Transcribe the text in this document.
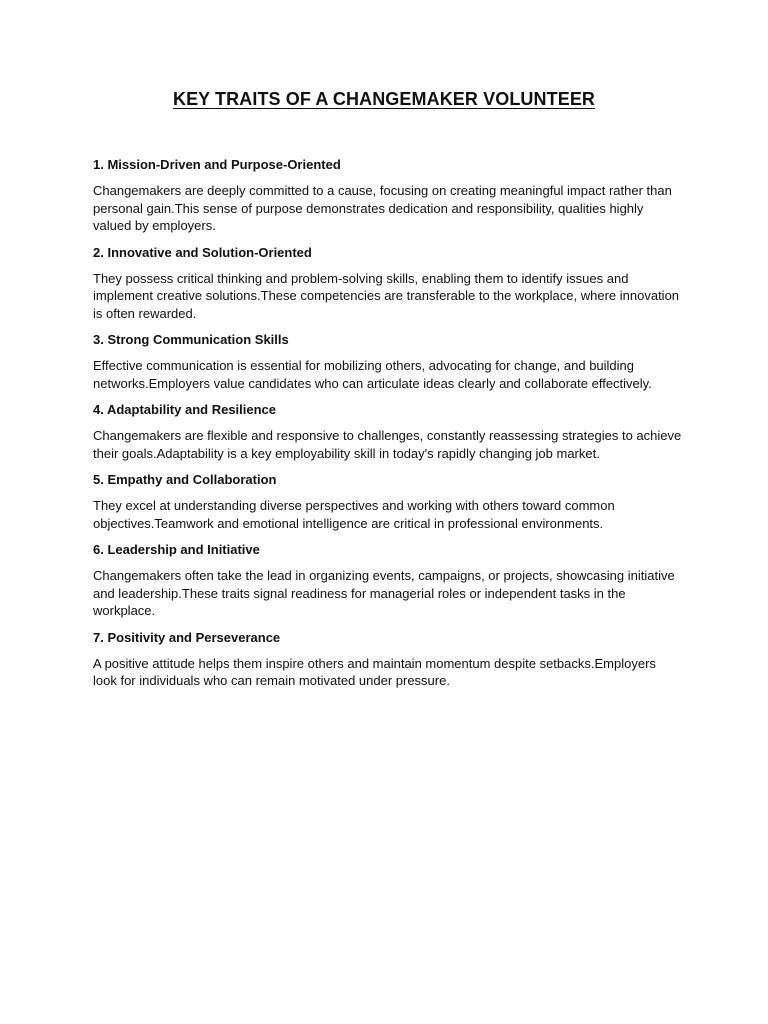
KEY TRAITS OF A CHANGEMAKER VOLUNTEER

1. Mission-Driven and Purpose-Oriented

Changemakers are deeply committed to a cause, focusing on creating meaningful impact rather than personal gain.This sense of purpose demonstrates dedication and responsibility, qualities highly valued by employers.

2. Innovative and Solution-Oriented

They possess critical thinking and problem-solving skills, enabling them to identify issues and implement creative solutions.These competencies are transferable to the workplace, where innovation is often rewarded.

3. Strong Communication Skills

Effective communication is essential for mobilizing others, advocating for change, and building networks.Employers value candidates who can articulate ideas clearly and collaborate effectively.

4. Adaptability and Resilience

Changemakers are flexible and responsive to challenges, constantly reassessing strategies to achieve their goals.Adaptability is a key employability skill in today's rapidly changing job market.

5. Empathy and Collaboration

They excel at understanding diverse perspectives and working with others toward common objectives.Teamwork and emotional intelligence are critical in professional environments.

6. Leadership and Initiative

Changemakers often take the lead in organizing events, campaigns, or projects, showcasing initiative and leadership.These traits signal readiness for managerial roles or independent tasks in the workplace.

7. Positivity and Perseverance

A positive attitude helps them inspire others and maintain momentum despite setbacks.Employers look for individuals who can remain motivated under pressure.
